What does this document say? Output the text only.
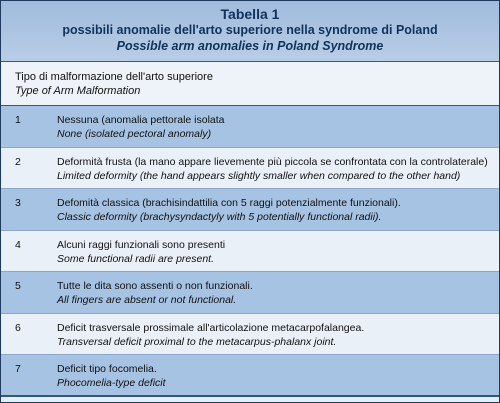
Tabella 1
possibili anomalie dell'arto superiore nella syndrome di Poland
Possible arm anomalies in Poland Syndrome
Tipo di malformazione dell'arto superiore
Type of Arm Malformation
1	Nessuna (anomalia pettorale isolata
None (isolated pectoral anomaly)
2	Deformità frusta (la mano appare lievemente più piccola se confrontata con la controlaterale)
Limited deformity (the hand appears slightly smaller when compared to the other hand)
3	Defomità classica (brachisindattilia con 5 raggi potenzialmente funzionali).
Classic deformity (brachysyndactyly with 5 potentially functional radii).
4	Alcuni raggi funzionali sono presenti
Some functional radii are present.
5	Tutte le dita sono assenti o non funzionali.
All fingers are absent or not functional.
6	Deficit trasversale prossimale all'articolazione metacarpofalangea.
Transversal deficit proximal to the metacarpus-phalanx joint.
7	Deficit tipo focomelia.
Phocomelia-type deficit
